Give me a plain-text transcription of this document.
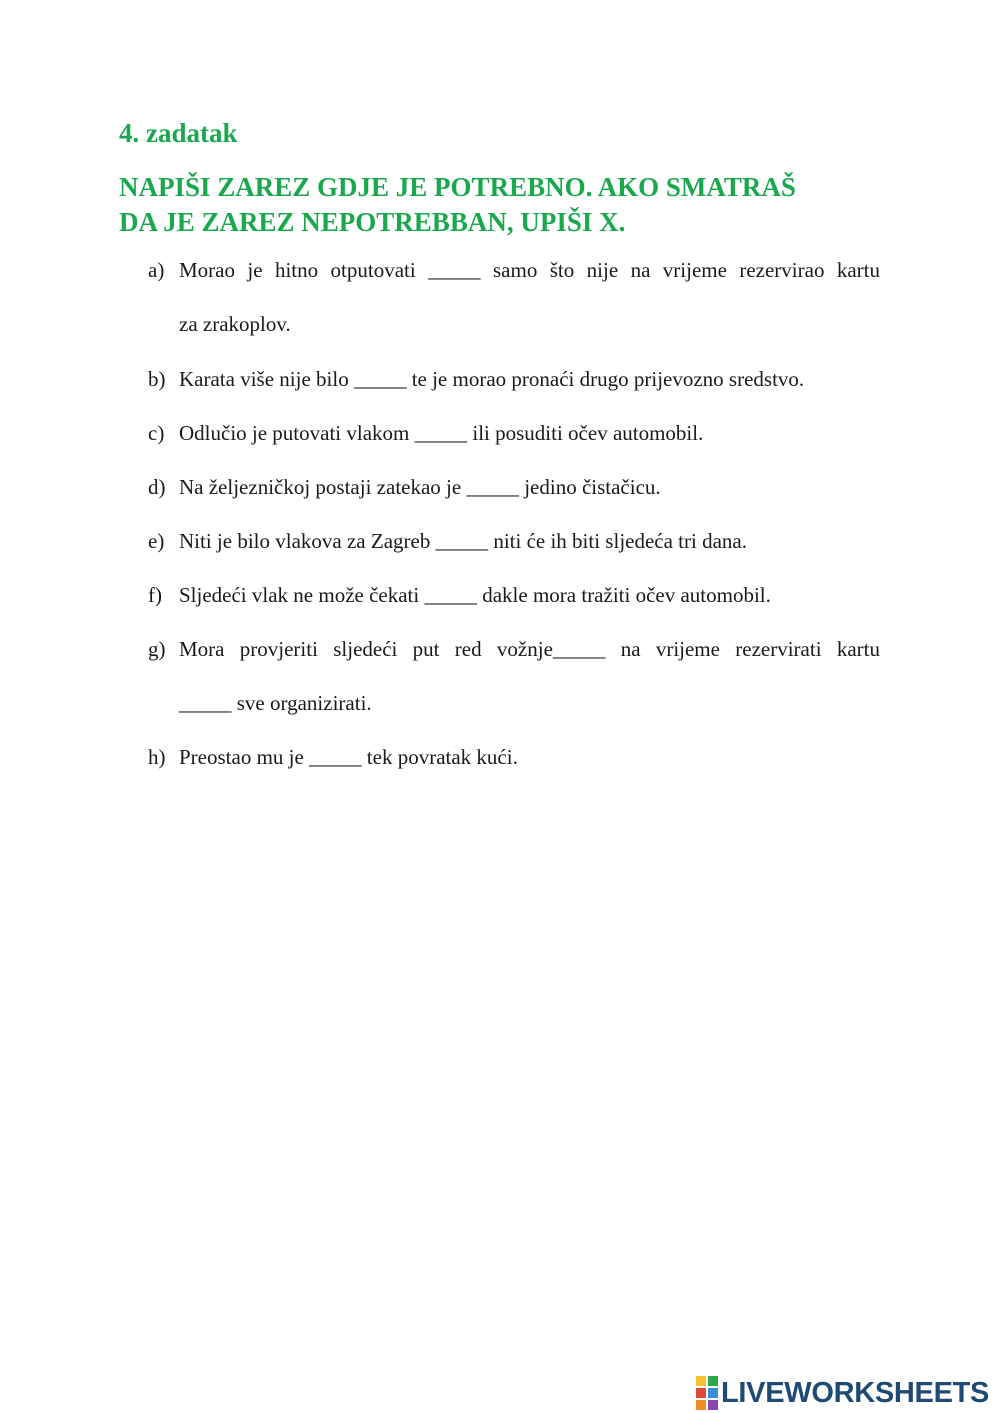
4. zadatak
NAPIŠI ZAREZ GDJE JE POTREBNO. AKO SMATRAŠ
DA JE ZAREZ NEPOTREBBAN, UPIŠI X.
a) Morao je hitno otputovati _____ samo što nije na vrijeme rezervirao kartu
za zrakoplov.
b) Karata više nije bilo _____ te je morao pronaći drugo prijevozno sredstvo.
c) Odlučio je putovati vlakom _____ ili posuditi očev automobil.
d) Na željezničkoj postaji zatekao je _____ jedino čistačicu.
e) Niti je bilo vlakova za Zagreb _____ niti će ih biti sljedeća tri dana.
f) Sljedeći vlak ne može čekati _____ dakle mora tražiti očev automobil.
g) Mora provjeriti sljedeći put red vožnje_____ na vrijeme rezervirati kartu
_____ sve organizirati.
h) Preostao mu je _____ tek povratak kući.
LIVEWORKSHEETS
